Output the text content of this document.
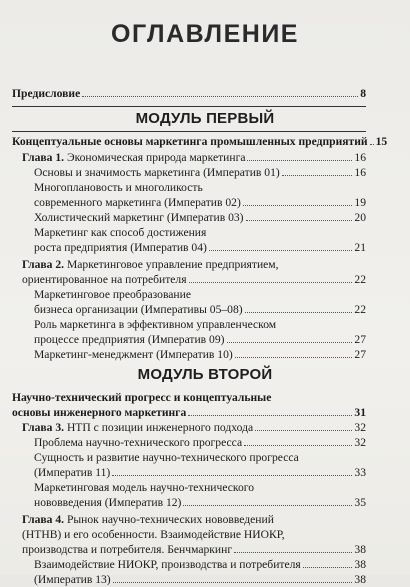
ОГЛАВЛЕНИЕ
Предисловие	8
МОДУЛЬ ПЕРВЫЙ
Концептуальные основы маркетинга промышленных предприятий 15
Глава 1. Экономическая природа маркетинга	16
Основы и значимость маркетинга (Императив 01)	16
Многоплановость и многоликость
современного маркетинга (Императив 02)	19
Холистический маркетинг (Императив 03)	20
Маркетинг как способ достижения
роста предприятия (Императив 04)	21
Глава 2. Маркетинговое управление предприятием,
ориентированное на потребителя	22
Маркетинговое преобразование
бизнеса организации (Императивы 05–08)	22
Роль маркетинга в эффективном управленческом
процессе предприятия (Императив 09)	27
Маркетинг-менеджмент (Императив 10)	27
МОДУЛЬ ВТОРОЙ
Научно-технический прогресс и концептуальные
основы инженерного маркетинга	31
Глава 3. НТП с позиции инженерного подхода	32
Проблема научно-технического прогресса	32
Сущность и развитие научно-технического прогресса
(Императив 11)	33
Маркетинговая модель научно-технического
нововведения (Императив 12)	35
Глава 4. Рынок научно-технических нововведений
(НТНВ) и его особенности. Взаимодействие НИОКР,
производства и потребителя. Бенчмаркинг	38
Взаимодействие НИОКР, производства и потребителя	38
(Императив 13)	38
